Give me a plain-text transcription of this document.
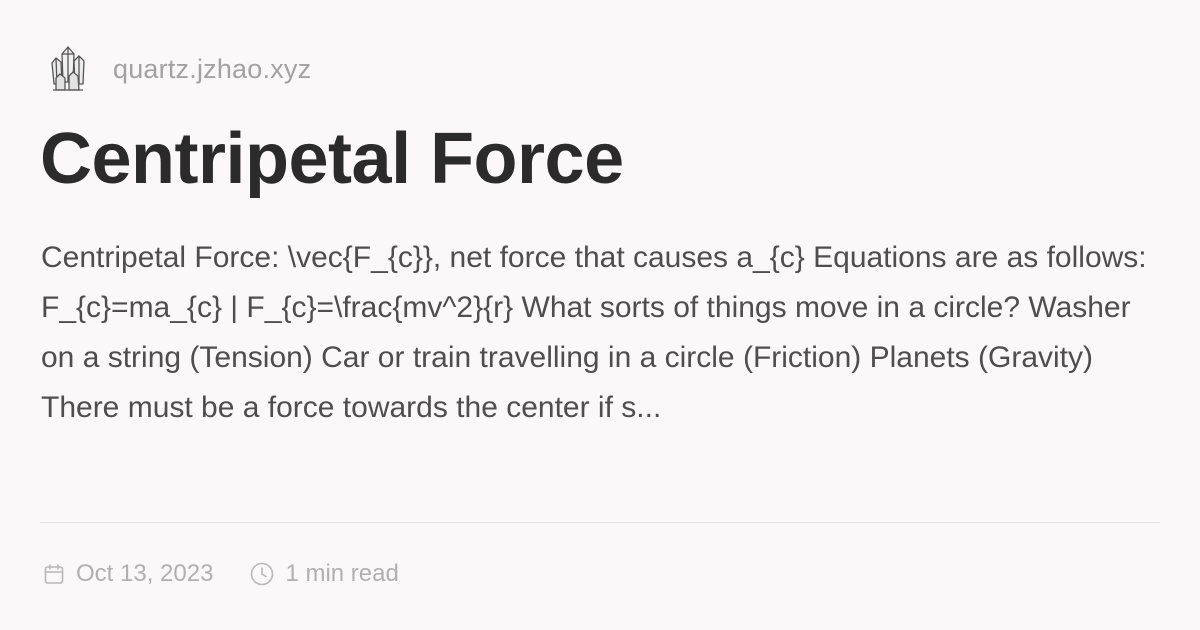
quartz.jzhao.xyz
Centripetal Force

Centripetal Force: \vec{F_{c}}, net force that causes a_{c} Equations are as follows: F_{c}=ma_{c} | F_{c}=\frac{mv^2}{r} What sorts of things move in a circle? Washer on a string (Tension) Car or train travelling in a circle (Friction) Planets (Gravity) There must be a force towards the center if s...

Oct 13, 2023	1 min read
